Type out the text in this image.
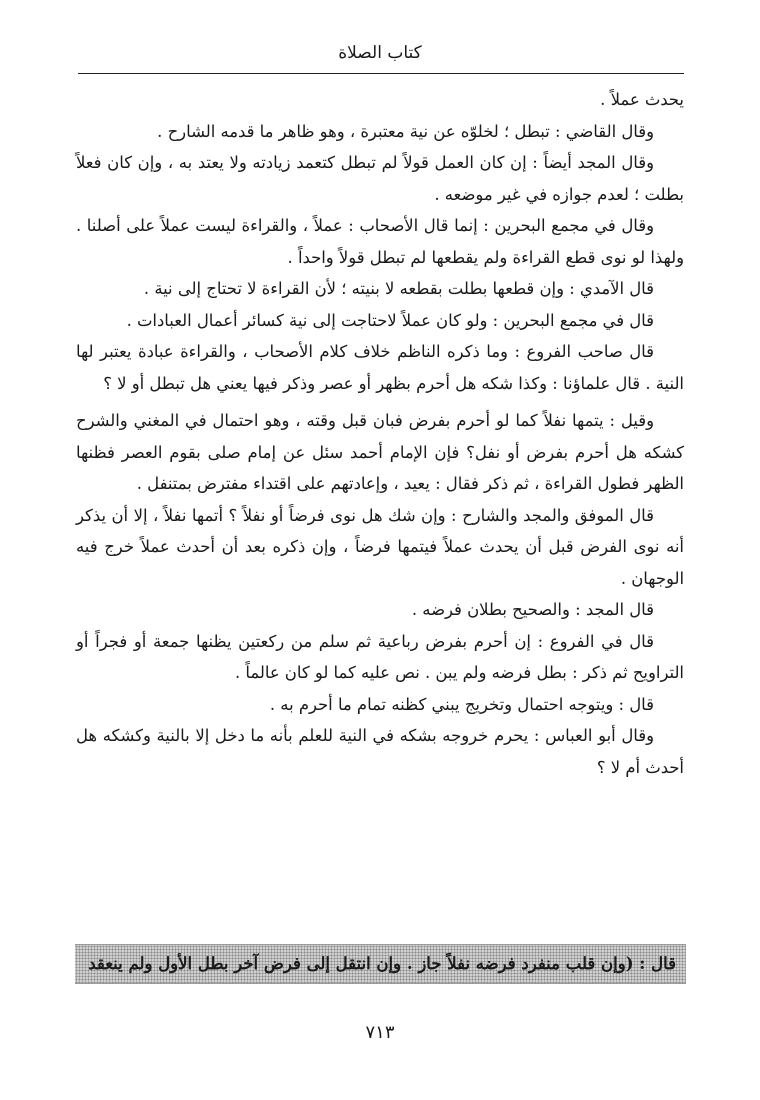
كتاب الصلاة

يحدث عملاً .

وقال القاضي : تبطل ؛ لخلوّه عن نية معتبرة ، وهو ظاهر ما قدمه الشارح .

وقال المجد أيضاً : إن كان العمل قولاً لم تبطل كتعمد زيادته ولا يعتد به ، وإن كان فعلاً بطلت ؛ لعدم جوازه في غير موضعه .

وقال في مجمع البحرين : إنما قال الأصحاب : عملاً ، والقراءة ليست عملاً على أصلنا . ولهذا لو نوى قطع القراءة ولم يقطعها لم تبطل قولاً واحداً .

قال الآمدي : وإن قطعها بطلت بقطعه لا بنيته ؛ لأن القراءة لا تحتاج إلى نية .

قال في مجمع البحرين : ولو كان عملاً لاحتاجت إلى نية كسائر أعمال العبادات .

قال صاحب الفروع : وما ذكره الناظم خلاف كلام الأصحاب ، والقراءة عبادة يعتبر لها النية . قال علماؤنا : وكذا شكه هل أحرم بظهر أو عصر وذكر فيها يعني هل تبطل أو لا ؟

وقيل : يتمها نفلاً كما لو أحرم بفرض فبان قبل وقته ، وهو احتمال في المغني والشرح كشكه هل أحرم بفرض أو نفل؟ فإن الإمام أحمد سئل عن إمام صلى بقوم العصر فظنها الظهر فطول القراءة ، ثم ذكر فقال : يعيد ، وإعادتهم على اقتداء مفترض بمتنفل .

قال الموفق والمجد والشارح : وإن شك هل نوى فرضاً أو نفلاً ؟ أتمها نفلاً ، إلا أن يذكر أنه نوى الفرض قبل أن يحدث عملاً فيتمها فرضاً ، وإن ذكره بعد أن أحدث عملاً خرج فيه الوجهان .

قال المجد : والصحيح بطلان فرضه .

قال في الفروع : إن أحرم بفرض رباعية ثم سلم من ركعتين يظنها جمعة أو فجراً أو التراويح ثم ذكر : بطل فرضه ولم يبن . نص عليه كما لو كان عالماً .

قال : ويتوجه احتمال وتخريج يبني كظنه تمام ما أحرم به .

وقال أبو العباس : يحرم خروجه بشكه في النية للعلم بأنه ما دخل إلا بالنية وكشكه هل أحدث أم لا ؟

قال : (وإن قلب منفرد فرضه نفلاً جاز . وإن انتقل إلى فرض آخر بطل الأول ولم ينعقد
٧١٣
